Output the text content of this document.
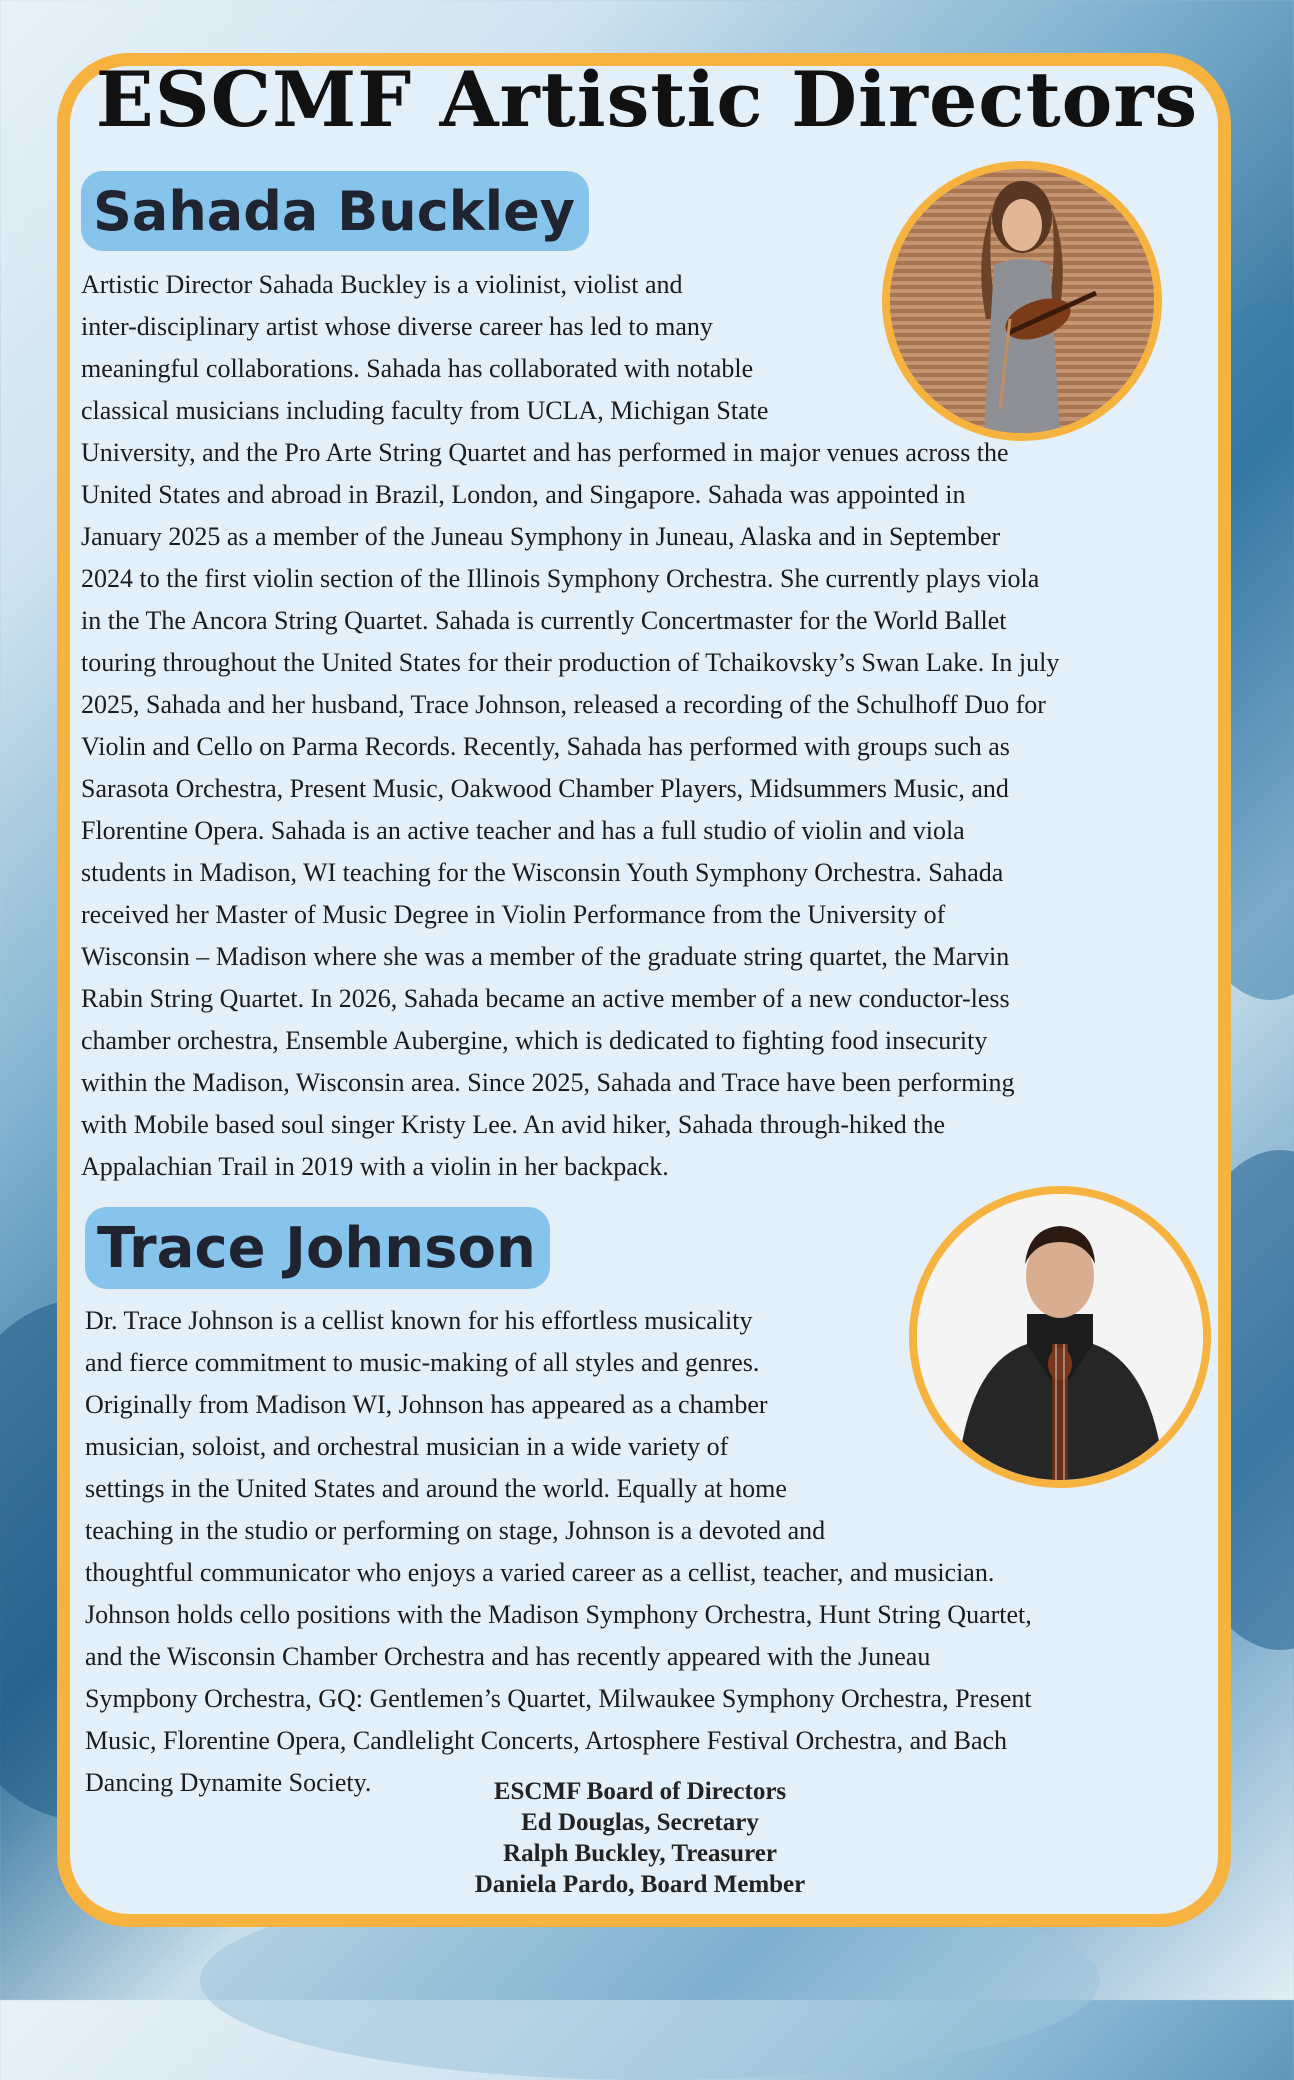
ESCMF Artistic Directors
Sahada Buckley
Artistic Director Sahada Buckley is a violinist, violist and
inter-disciplinary artist whose diverse career has led to many
meaningful collaborations. Sahada has collaborated with notable
classical musicians including faculty from UCLA, Michigan State
University, and the Pro Arte String Quartet and has performed in major venues across the
United States and abroad in Brazil, London, and Singapore. Sahada was appointed in
January 2025 as a member of the Juneau Symphony in Juneau, Alaska and in September
2024 to the first violin section of the Illinois Symphony Orchestra. She currently plays viola
in the The Ancora String Quartet. Sahada is currently Concertmaster for the World Ballet
touring throughout the United States for their production of Tchaikovsky’s Swan Lake. In july
2025, Sahada and her husband, Trace Johnson, released a recording of the Schulhoff Duo for
Violin and Cello on Parma Records. Recently, Sahada has performed with groups such as
Sarasota Orchestra, Present Music, Oakwood Chamber Players, Midsummers Music, and
Florentine Opera. Sahada is an active teacher and has a full studio of violin and viola
students in Madison, WI teaching for the Wisconsin Youth Symphony Orchestra. Sahada
received her Master of Music Degree in Violin Performance from the University of
Wisconsin – Madison where she was a member of the graduate string quartet, the Marvin
Rabin String Quartet. In 2026, Sahada became an active member of a new conductor-less
chamber orchestra, Ensemble Aubergine, which is dedicated to fighting food insecurity
within the Madison, Wisconsin area. Since 2025, Sahada and Trace have been performing
with Mobile based soul singer Kristy Lee. An avid hiker, Sahada through-hiked the
Appalachian Trail in 2019 with a violin in her backpack.
Trace Johnson
Dr. Trace Johnson is a cellist known for his effortless musicality
and fierce commitment to music-making of all styles and genres.
Originally from Madison WI, Johnson has appeared as a chamber
musician, soloist, and orchestral musician in a wide variety of
settings in the United States and around the world. Equally at home
teaching in the studio or performing on stage, Johnson is a devoted and
thoughtful communicator who enjoys a varied career as a cellist, teacher, and musician.
Johnson holds cello positions with the Madison Symphony Orchestra, Hunt String Quartet,
and the Wisconsin Chamber Orchestra and has recently appeared with the Juneau
Sympbony Orchestra, GQ: Gentlemen’s Quartet, Milwaukee Symphony Orchestra, Present
Music, Florentine Opera, Candlelight Concerts, Artosphere Festival Orchestra, and Bach
Dancing Dynamite Society.	ESCMF Board of Directors
Ed Douglas, Secretary
Ralph Buckley, Treasurer
Daniela Pardo, Board Member
